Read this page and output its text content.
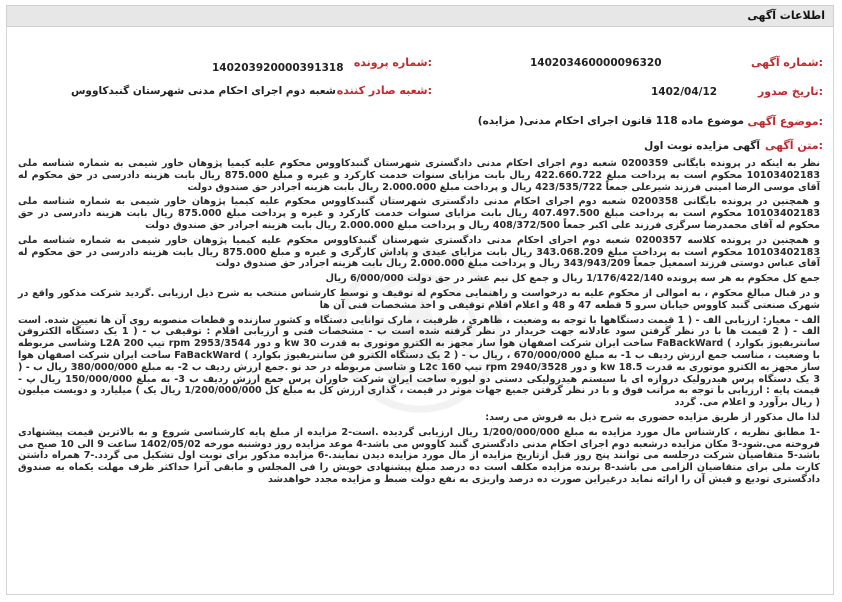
اطلاعات آگهی
شماره آگهی:
140203460000096320
شماره پرونده:
140203920000391318
تاریخ صدور:
1402/04/12
شعبه صادر کننده:
شعبه دوم اجرای احکام مدنی شهرستان گنبدکاووس
موضوع آگهی:
موضوع ماده 118 قانون اجرای احکام مدنی( مزایده)
متن آگهی:
آگهی مزایده نوبت اول

نظر به اینکه در پرونده بایگانی 0200359 شعبه دوم اجرای احکام مدنی دادگستری شهرستان گنبدکاووس محکوم علیه کیمیا پژوهان خاور شیمی به شماره شناسه ملی 10103402183 محکوم است به پرداخت مبلغ 422.660.722 ریال بابت مزایای سنوات خدمت کارکرد و غیره و مبلغ 875.000 ریال بابت هزینه دادرسی در حق محکوم له آقای موسی الرضا امینی فرزند شیرعلی جمعاً 423/535/722 ریال و پرداخت مبلغ 2.000.000 ریال بابت هزینه اجرادر حق صندوق دولت

و همچنین در پرونده بایگانی 0200358 شعبه دوم اجرای احکام مدنی دادگستری شهرستان گنبدکاووس محکوم علیه کیمیا پژوهان خاور شیمی به شماره شناسه ملی 10103402183 محکوم است به پرداخت مبلغ 407.497.500 ریال بابت مزایای سنوات خدمت کارکرد و غیره و پرداخت مبلغ 875.000 ریال بابت هزینه دادرسی در حق محکوم له آقای محمدرضا سرگزی فرزند علی اکبر جمعاً 408/372/500 ریال و پرداخت مبلغ 2.000.000 ریال بابت هزینه اجرادر حق صندوق دولت

و همچنین در پرونده کلاسه 0200357 شعبه دوم اجرای احکام مدنی دادگستری شهرستان گنبدکاووس محکوم علیه کیمیا پژوهان خاور شیمی به شماره شناسه ملی 10103402183 محکوم است به پرداخت مبلغ 343.068.209 ریال بابت مزایای عیدی و پاداش کارگری و غیره و مبلغ 875.000 ریال بابت هزینه دادرسی در حق محکوم له آقای عباس دوستی فرزند اسمعیل جمعاً 343/943/209 ریال و پرداخت مبلغ 2.000.000 ریال بابت هزینه اجرادر حق صندوق دولت

جمع کل محکوم به هر سه پرونده 1/176/422/140 ریال و جمع کل نیم عشر در حق دولت 6/000/000 ریال

و در قبال مبالغ محکوم ، به اموالی از محکوم علیه به درخواست و راهنمایی محکوم له توقیف و توسط کارشناس منتخب به شرح ذیل ارزیابی .گردید شرکت مذکور واقع در شهرک صنعتی گنبد کاووس خیابان سرو 5 قطعه 47 و 48 و اعلام اقلام توقیفی و اخذ مشخصات فنی آن ها

الف - معیار: ارزیابی الف - ( 1 قیمت دستگاهها با توجه به وضعیت ، ظاهری ، ظرفیت ، مارک توانایی دستگاه و کشور سازنده و قطعات منصوبه روی آن ها تعیین شده. است الف - ( 2 قیمت ها با در نظر گرفتن سود عادلانه جهت خریدار در نظر گرفته شده است ب - مشخصات فنی و ارزیابی اقلام : توقیفی ب - ( 1 یک دستگاه الکتروفن سانتریفیوژ بکوارد ) FaBackWard ساخت ایران شرکت اصفهان هوا ساز مجهز به الکترو موتوری به قدرت 30 kw و دور 2953/3544 rpm تیپ 200 L2A وشاسی مربوطه با وضعیت ، مناسب جمع ارزش ردیف ب 1- به مبلغ 670/000/000 ، ریال ب - ( 2 یک دستگاه الکترو فن سانتریفیوژ بکوارد ) FaBackWard ساخت ایران شرکت اصفهان هوا ساز مجهز به الکترو موتوری به قدرت 18.5 kw و دور 2940/3528 rpm تیپ 160 L2c و شاسی مربوطه در حد نو .جمع ارزش ردیف ب 2- به مبلغ 380/000/000 ریال ب - ( 3 یک دستگاه پرس هیدرولیک دروازه ای با سیستم هیدرولیکی دستی دو لیوره ساخت ایران شرکت خاوران پرس جمع ارزش ردیف ب 3- به مبلغ 150/000/000 ریال پ - قیمت پایه : ارزیابی با توجه به مراتب فوق و با در نظر گرفتن جمیع جهات موثر در قیمت ، گذاری ارزش کل به مبلغ کل 1/200/000/000 ریال یک ) میلیارد و دویست میلیون ( ریال برآورد و اعلام می. گردد

لذا مال مذکور از طریق مزایده حضوری به شرح ذیل به فروش می رسد:

-1 مطابق نظریه ، کارشناس مال مورد مزایده به مبلغ 1/200/000/000 ریال ارزیابی گردیده .است-2 مزایده از مبلغ پایه کارشناسی شروع و به بالاترین قیمت پیشنهادی فروخته می.شود-3 مکان مزایده درشعبه دوم اجرای احکام مدنی دادگستری گنبد کاووس می باشد-4 موعد مزایده روز دوشنبه مورخه 1402/05/02 ساعت 9 الی 10 صبح می باشد-5 متقاضیان شرکت درجلسه می توانند پنج روز قبل ازتاریخ مزایده از مال مورد مزایده دیدن نمایند.-6 مزایده مذکور برای نوبت اول تشکیل می گردد.-7 همراه داشتن کارت ملی برای متقاضیان الزامی می باشد-8 برنده مزایده مکلف است ده درصد مبلغ پیشنهادی خویش را فی المجلس و مابقی آنرا حداکثر ظرف مهلت یکماه به صندوق دادگستری تودیع و فیش آن را ارائه نماید درغیراین صورت ده درصد واریزی به نفع دولت ضبط و مزایده مجدد خواهدشد
